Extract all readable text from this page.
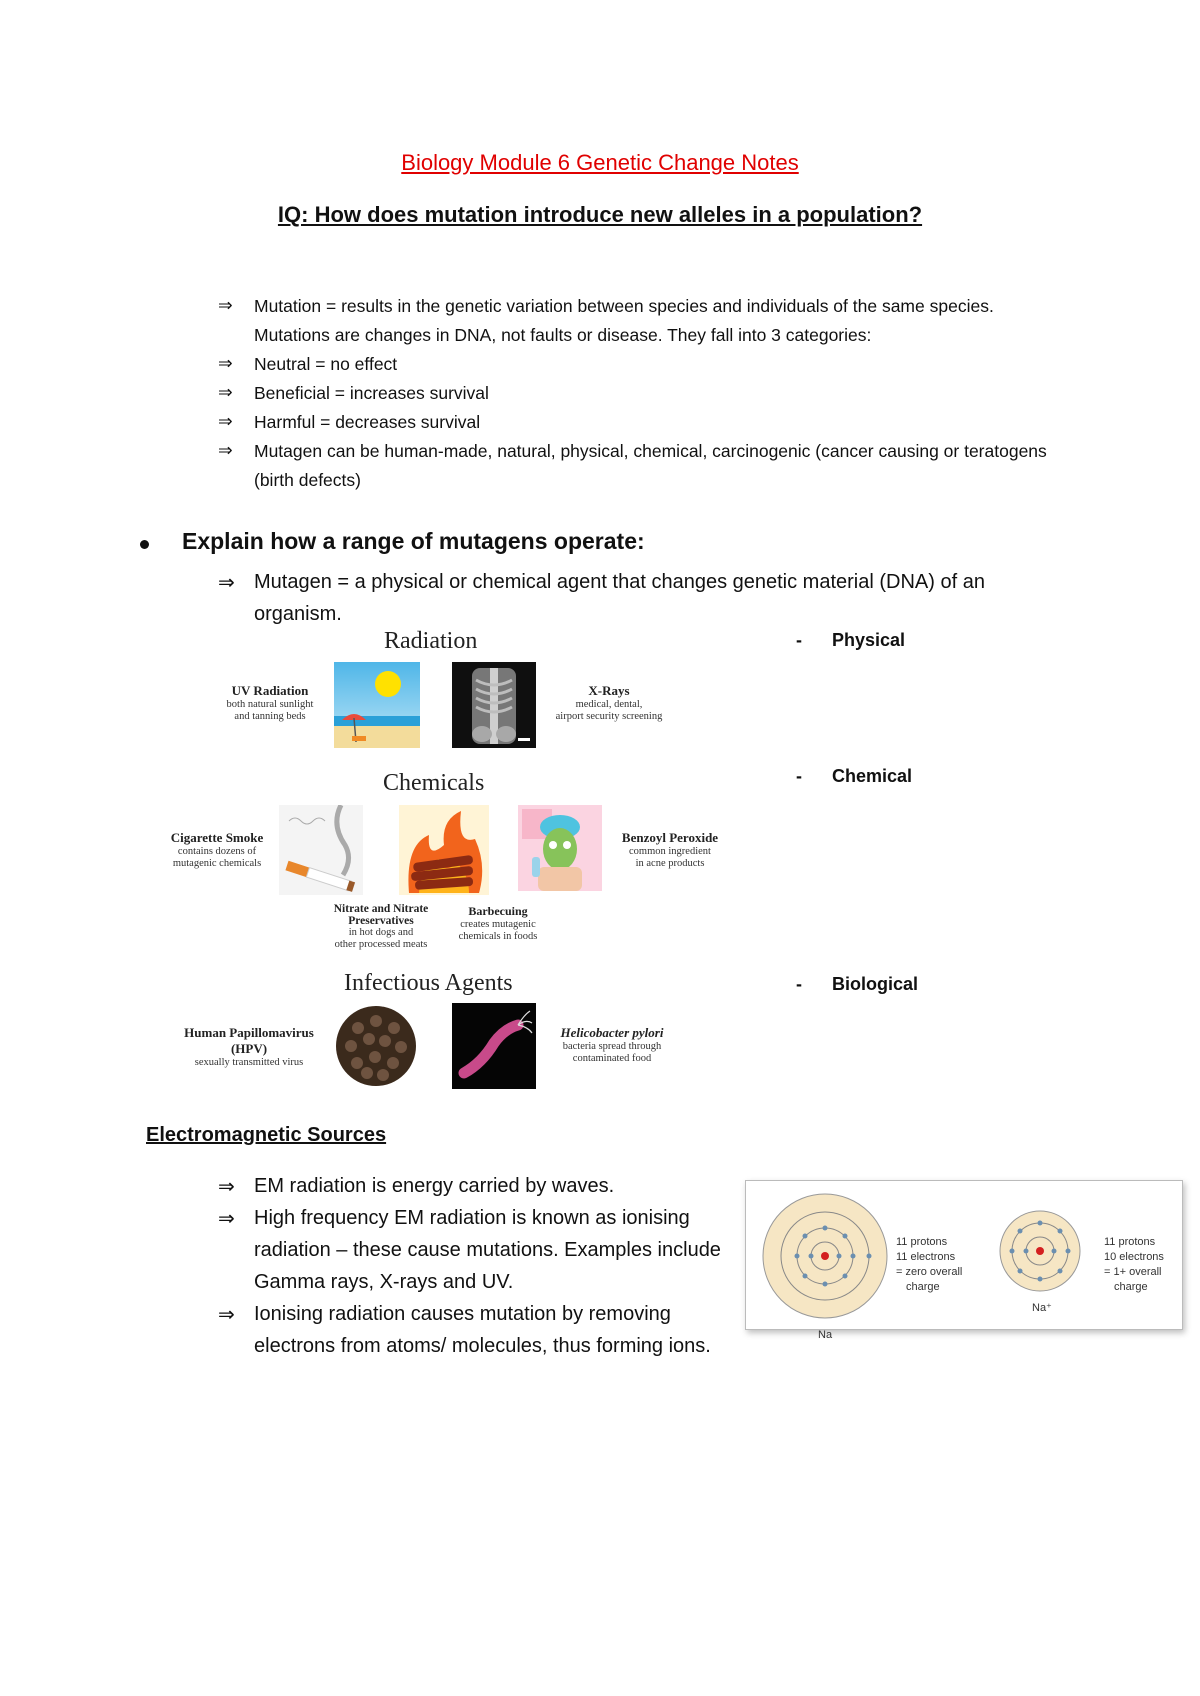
Biology Module 6 Genetic Change Notes
IQ: How does mutation introduce new alleles in a population?
⇒ Mutation = results in the genetic variation between species and individuals of the same species. Mutations are changes in DNA, not faults or disease. They fall into 3 categories:
⇒ Neutral = no effect
⇒ Beneficial = increases survival
⇒ Harmful = decreases survival
⇒ Mutagen can be human-made, natural, physical, chemical, carcinogenic (cancer causing or teratogens (birth defects)
Explain how a range of mutagens operate:
⇒ Mutagen = a physical or chemical agent that changes genetic material (DNA) of an organism.
Radiation
UV Radiation
both natural sunlight
and tanning beds
X-Rays
medical, dental,
airport security screening
Chemicals
Cigarette Smoke
contains dozens of
mutagenic chemicals
Benzoyl Peroxide
common ingredient
in acne products
Nitrate and Nitrate
Preservatives
in hot dogs and
other processed meats
Barbecuing
creates mutagenic
chemicals in foods
Infectious Agents
Human Papillomavirus
(HPV)
sexually transmitted virus
Helicobacter pylori
bacteria spread through
contaminated food
- Physical
- Chemical
- Biological
Electromagnetic Sources
⇒ EM radiation is energy carried by waves.
⇒ High frequency EM radiation is known as ionising radiation – these cause mutations. Examples include Gamma rays, X-rays and UV.
⇒ Ionising radiation causes mutation by removing electrons from atoms/ molecules, thus forming ions.
11 protons
11 electrons
= zero overall
charge
Na
11 protons
10 electrons
= 1+ overall
charge
Na⁺
